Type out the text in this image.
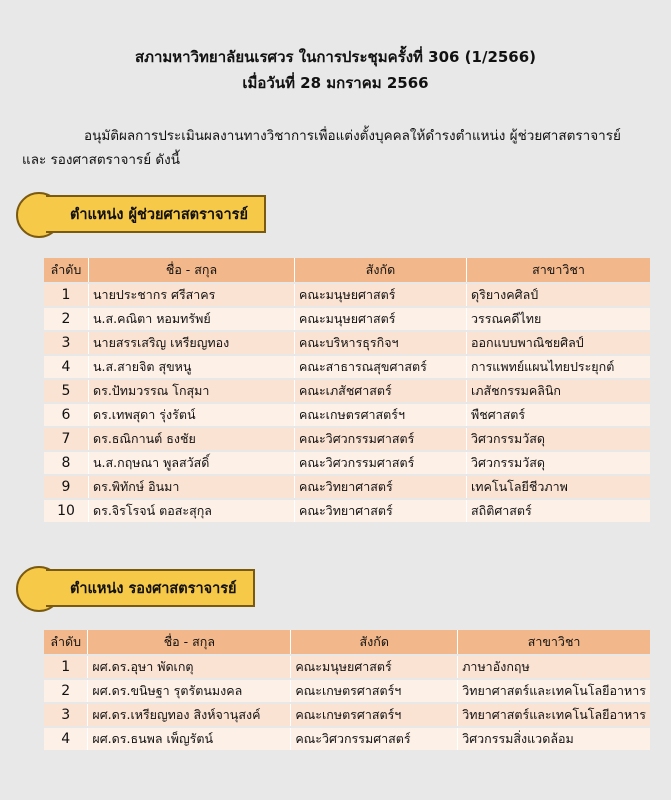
สภามหาวิทยาลัยนเรศวร ในการประชุมครั้งที่ 306 (1/2566)
เมื่อวันที่ 28 มกราคม 2566
อนุมัติผลการประเมินผลงานทางวิชาการเพื่อแต่งตั้งบุคคลให้ดำรงตำแหน่ง ผู้ช่วยศาสตราจารย์
และ รองศาสตราจารย์ ดังนี้
ตำแหน่ง ผู้ช่วยศาสตราจารย์
ลำดับ	ชื่อ - สกุล	สังกัด	สาขาวิชา
1	นายประชากร ศรีสาคร	คณะมนุษยศาสตร์	ดุริยางคศิลป์
2	น.ส.คณิตา หอมทรัพย์	คณะมนุษยศาสตร์	วรรณคดีไทย
3	นายสรรเสริญ เหรียญทอง	คณะบริหารธุรกิจฯ	ออกแบบพาณิชยศิลป์
4	น.ส.สายจิต สุขหนู	คณะสาธารณสุขศาสตร์	การแพทย์แผนไทยประยุกต์
5	ดร.ปัทมวรรณ โกสุมา	คณะเภสัชศาสตร์	เภสัชกรรมคลินิก
6	ดร.เทพสุดา รุ่งรัตน์	คณะเกษตรศาสตร์ฯ	พืชศาสตร์
7	ดร.ธณิกานต์ ธงชัย	คณะวิศวกรรมศาสตร์	วิศวกรรมวัสดุ
8	น.ส.กฤษณา พูลสวัสดิ์	คณะวิศวกรรมศาสตร์	วิศวกรรมวัสดุ
9	ดร.พิทักษ์ อินมา	คณะวิทยาศาสตร์	เทคโนโลยีชีวภาพ
10	ดร.จิรโรจน์ ตอสะสุกุล	คณะวิทยาศาสตร์	สถิติศาสตร์
ตำแหน่ง รองศาสตราจารย์
ลำดับ	ชื่อ - สกุล	สังกัด	สาขาวิชา
1	ผศ.ดร.อุษา พัดเกตุ	คณะมนุษยศาสตร์	ภาษาอังกฤษ
2	ผศ.ดร.ขนิษฐา รุตรัตนมงคล	คณะเกษตรศาสตร์ฯ	วิทยาศาสตร์และเทคโนโลยีอาหาร
3	ผศ.ดร.เหรียญทอง สิงห์จานุสงค์	คณะเกษตรศาสตร์ฯ	วิทยาศาสตร์และเทคโนโลยีอาหาร
4	ผศ.ดร.ธนพล เพ็ญรัตน์	คณะวิศวกรรมศาสตร์	วิศวกรรมสิ่งแวดล้อม
